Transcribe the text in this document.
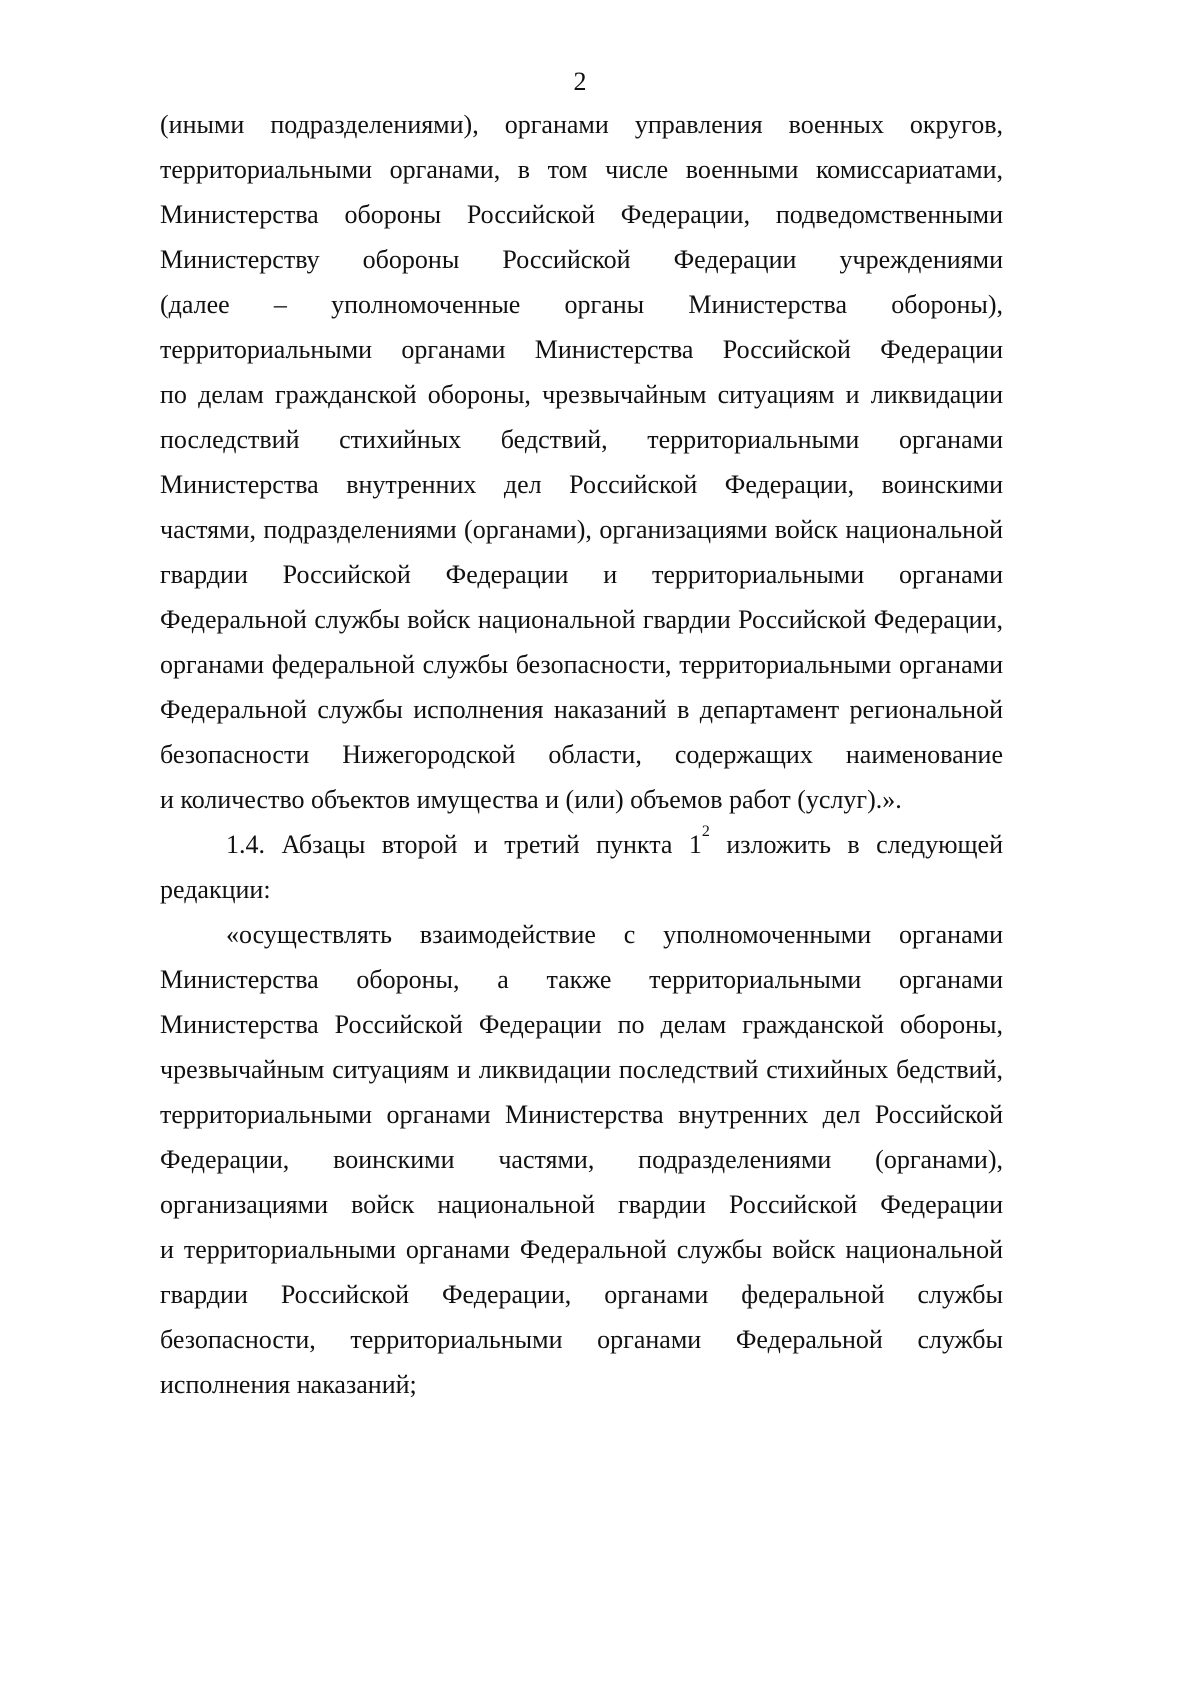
2
(иными подразделениями), органами управления военных округов,
территориальными органами, в том числе военными комиссариатами,
Министерства обороны Российской Федерации, подведомственными
Министерству обороны Российской Федерации учреждениями
(далее – уполномоченные органы Министерства обороны),
территориальными органами Министерства Российской Федерации
по делам гражданской обороны, чрезвычайным ситуациям и ликвидации
последствий стихийных бедствий, территориальными органами
Министерства внутренних дел Российской Федерации, воинскими
частями, подразделениями (органами), организациями войск национальной
гвардии Российской Федерации и территориальными органами
Федеральной службы войск национальной гвардии Российской Федерации,
органами федеральной службы безопасности, территориальными органами
Федеральной службы исполнения наказаний в департамент региональной
безопасности Нижегородской области, содержащих наименование
и количество объектов имущества и (или) объемов работ (услуг).».
1.4. Абзацы второй и третий пункта $1^2$ изложить в следующей
редакции:
«осуществлять взаимодействие с уполномоченными органами
Министерства обороны, а также территориальными органами
Министерства Российской Федерации по делам гражданской обороны,
чрезвычайным ситуациям и ликвидации последствий стихийных бедствий,
территориальными органами Министерства внутренних дел Российской
Федерации, воинскими частями, подразделениями (органами),
организациями войск национальной гвардии Российской Федерации
и территориальными органами Федеральной службы войск национальной
гвардии Российской Федерации, органами федеральной службы
безопасности, территориальными органами Федеральной службы
исполнения наказаний;
